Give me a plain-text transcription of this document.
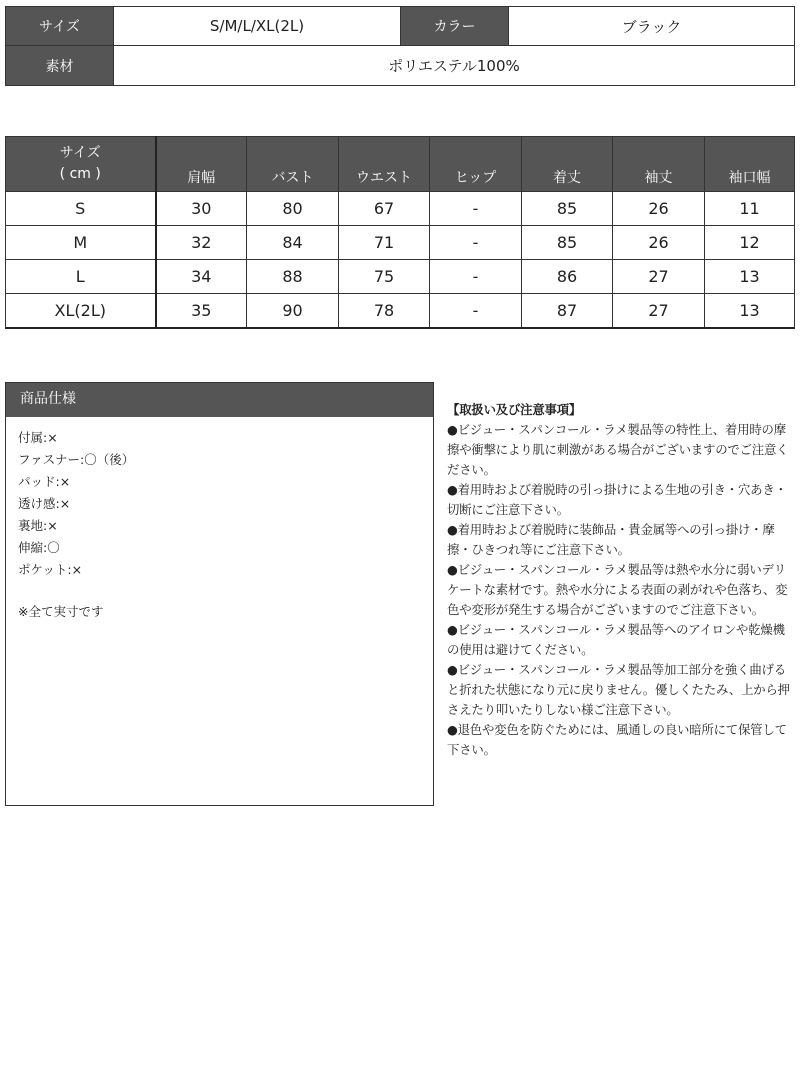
サイズ	S/M/L/XL(2L)	カラー	ブラック
素材	ポリエステル100%		
サイズ
( cm )	肩幅	バスト	ウエスト	ヒップ	着丈	袖丈	袖口幅
S	30	80	67	-	85	26	11
M	32	84	71	-	85	26	12
L	34	88	75	-	86	27	13
XL(2L)	35	90	78	-	87	27	13
商品仕様
付属:×
ファスナー:〇（後）
パッド:×
透け感:×
裏地:×
伸縮:〇
ポケット:×
※全て実寸です

【取扱い及び注意事項】

●ビジュー・スパンコール・ラメ製品等の特性上、着用時の摩擦や衝撃により肌に刺激がある場合がございますのでご注意ください。

●着用時および着脱時の引っ掛けによる生地の引き・穴あき・切断にご注意下さい。

●着用時および着脱時に装飾品・貴金属等への引っ掛け・摩擦・ひきつれ等にご注意下さい。

●ビジュー・スパンコール・ラメ製品等は熱や水分に弱いデリケートな素材です。熱や水分による表面の剥がれや色落ち、変色や変形が発生する場合がございますのでご注意下さい。

●ビジュー・スパンコール・ラメ製品等へのアイロンや乾燥機の使用は避けてください。

●ビジュー・スパンコール・ラメ製品等加工部分を強く曲げると折れた状態になり元に戻りません。優しくたたみ、上から押さえたり叩いたりしない様ご注意下さい。

●退色や変色を防ぐためには、風通しの良い暗所にて保管して下さい。
